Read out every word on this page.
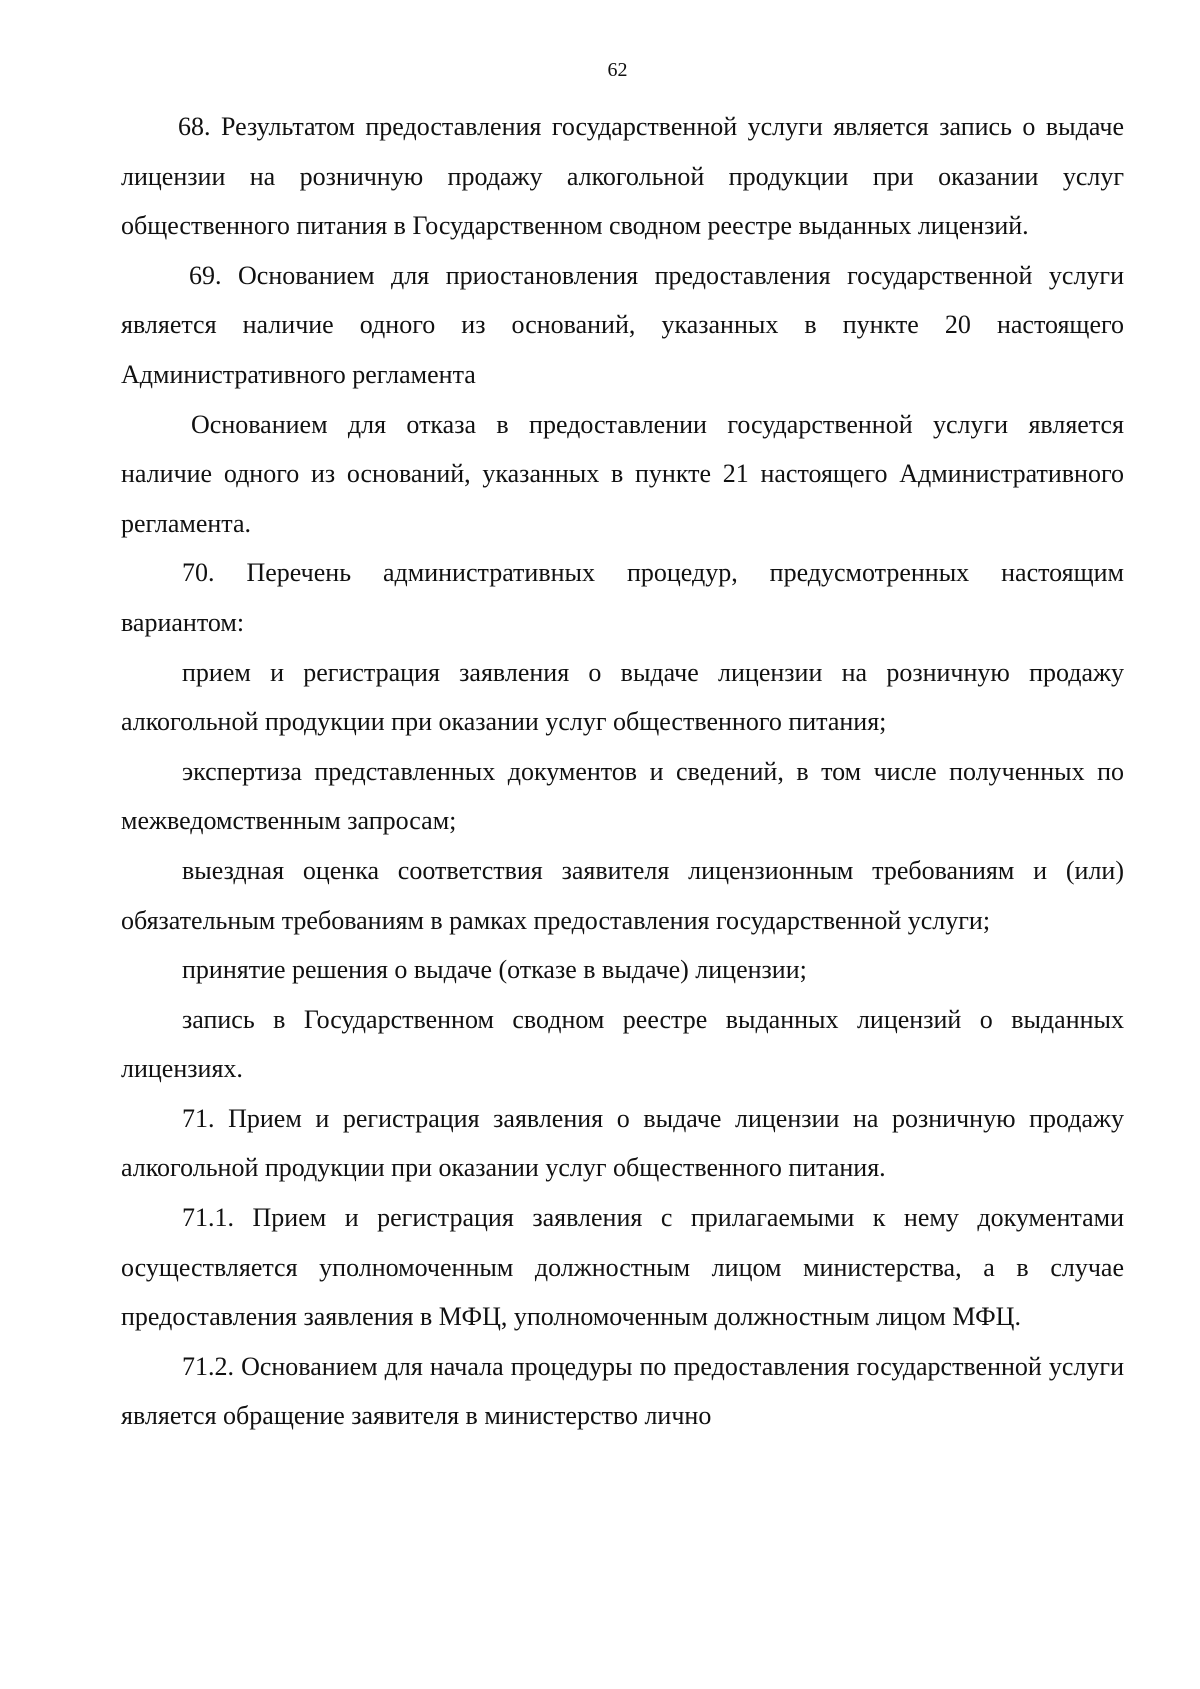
62

68. Результатом предоставления государственной услуги является запись о выдаче лицензии на розничную продажу алкогольной продукции при оказании услуг общественного питания в Государственном сводном реестре выданных лицензий.

69. Основанием для приостановления предоставления государственной услуги является наличие одного из оснований, указанных в пункте 20 настоящего Административного регламента

Основанием для отказа в предоставлении государственной услуги является наличие одного из оснований, указанных в пункте 21 настоящего Административного регламента.

70. Перечень административных процедур, предусмотренных настоящим вариантом:

прием и регистрация заявления о выдаче лицензии на розничную продажу алкогольной продукции при оказании услуг общественного питания;

экспертиза представленных документов и сведений, в том числе полученных по межведомственным запросам;

выездная оценка соответствия заявителя лицензионным требованиям и (или) обязательным требованиям в рамках предоставления государственной услуги;

принятие решения о выдаче (отказе в выдаче) лицензии;

запись в Государственном сводном реестре выданных лицензий о выданных лицензиях.

71. Прием и регистрация заявления о выдаче лицензии на розничную продажу алкогольной продукции при оказании услуг общественного питания.

71.1. Прием и регистрация заявления с прилагаемыми к нему документами осуществляется уполномоченным должностным лицом министерства, а в случае предоставления заявления в МФЦ, уполномоченным должностным лицом МФЦ.

71.2. Основанием для начала процедуры по предоставления государственной услуги является обращение заявителя в министерство лично
